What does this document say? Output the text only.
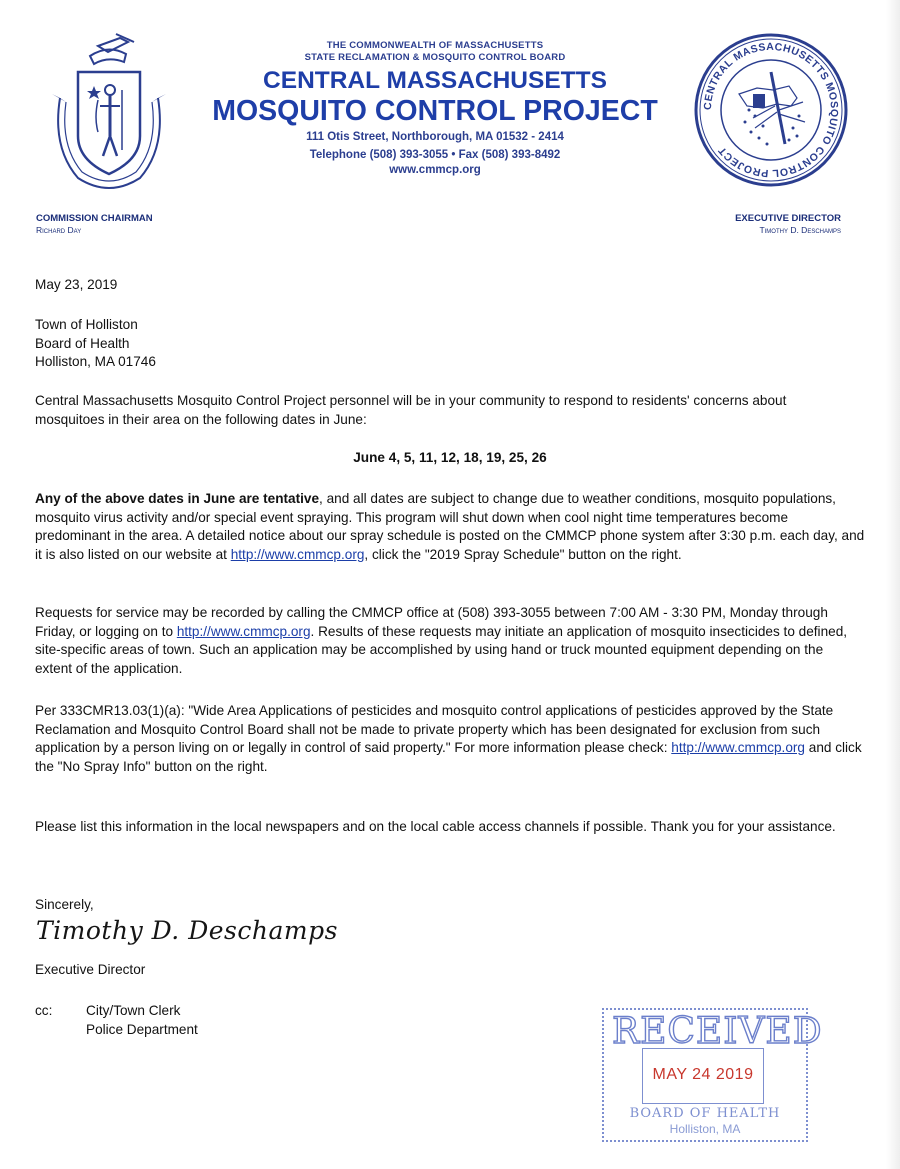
THE COMMONWEALTH OF MASSACHUSETTS
STATE RECLAMATION & MOSQUITO CONTROL BOARD
CENTRAL MASSACHUSETTS
MOSQUITO CONTROL PROJECT
111 Otis Street, Northborough, MA 01532 - 2414
Telephone (508) 393-3055 • Fax (508) 393-8492
www.cmmcp.org
CENTRAL MASSACHUSETTS MOSQUITO CONTROL PROJECT
COMMISSION CHAIRMAN
Richard Day
EXECUTIVE DIRECTOR
Timothy D. Deschamps
May 23, 2019
Town of Holliston
Board of Health
Holliston, MA 01746
Central Massachusetts Mosquito Control Project personnel will be in your community to respond to residents' concerns about mosquitoes in their area on the following dates in June:
June 4, 5, 11, 12, 18, 19, 25, 26
Any of the above dates in June are tentative, and all dates are subject to change due to weather conditions, mosquito populations, mosquito virus activity and/or special event spraying. This program will shut down when cool night time temperatures become predominant in the area. A detailed notice about our spray schedule is posted on the CMMCP phone system after 3:30 p.m. each day, and it is also listed on our website at http://www.cmmcp.org, click the "2019 Spray Schedule" button on the right.
Requests for service may be recorded by calling the CMMCP office at (508) 393-3055 between 7:00 AM - 3:30 PM, Monday through Friday, or logging on to http://www.cmmcp.org. Results of these requests may initiate an application of mosquito insecticides to defined, site-specific areas of town. Such an application may be accomplished by using hand or truck mounted equipment depending on the extent of the application.
Per 333CMR13.03(1)(a): "Wide Area Applications of pesticides and mosquito control applications of pesticides approved by the State Reclamation and Mosquito Control Board shall not be made to private property which has been designated for exclusion from such application by a person living on or legally in control of said property." For more information please check: http://www.cmmcp.org and click the "No Spray Info" button on the right.
Please list this information in the local newspapers and on the local cable access channels if possible. Thank you for your assistance.
Sincerely,
Timothy D. Deschamps
Executive Director
cc: City/Town Clerk
Police Department	RECEIVED
MAY 24 2019
BOARD OF HEALTH
Holliston, MA
